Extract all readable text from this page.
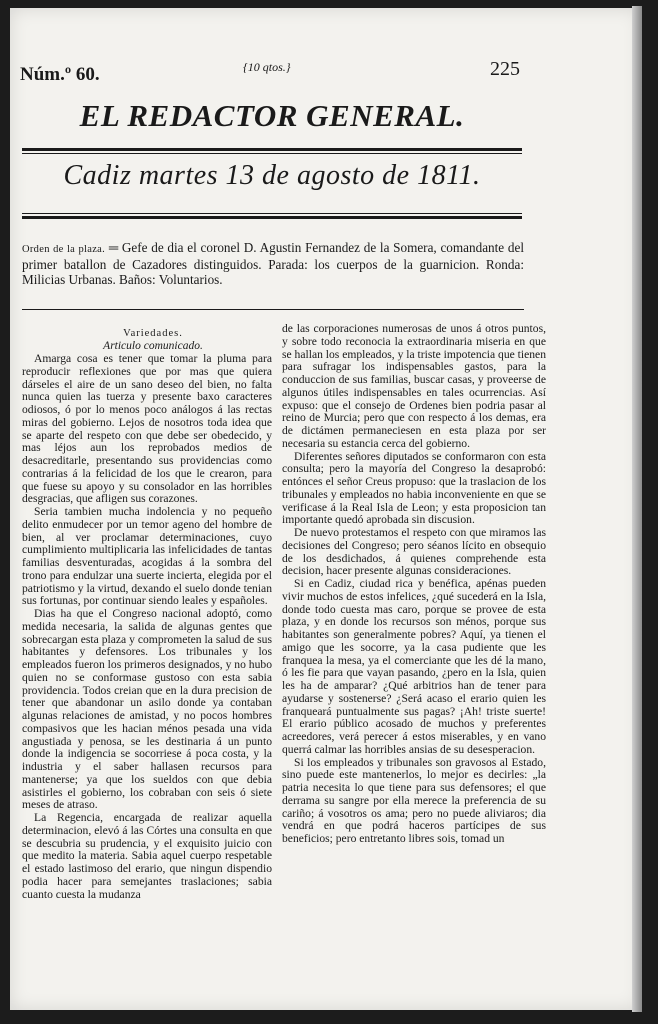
Núm.º 60.	{10 qtos.}	225
EL REDACTOR GENERAL.
Cadiz martes 13 de agosto de 1811.
Orden de la plaza. ═ Gefe de dia el coronel D. Agustin Fernandez de la Somera, comandante del primer batallon de Cazadores distinguidos. Parada: los cuerpos de la guarnicion. Ronda: Milicias Urbanas. Baños: Voluntarios.

Variedades.

Articulo comunicado.

Amarga cosa es tener que tomar la pluma para reproducir reflexiones que por mas que quiera dárseles el aire de un sano deseo del bien, no falta nunca quien las tuerza y presente baxo caracteres odiosos, ó por lo menos poco análogos á las rectas miras del gobierno. Lejos de nosotros toda idea que se aparte del respeto con que debe ser obedecido, y mas léjos aun los reprobados medios de desacreditarle, presentando sus providencias como contrarias á la felicidad de los que le crearon, para que fuese su apoyo y su consolador en las horribles desgracias, que afligen sus corazones.

Seria tambien mucha indolencia y no pequeño delito enmudecer por un temor ageno del hombre de bien, al ver proclamar determinaciones, cuyo cumplimiento multiplicaria las infelicidades de tantas familias desventuradas, acogidas á la sombra del trono para endulzar una suerte incierta, elegida por el patriotismo y la virtud, dexando el suelo donde tenian sus fortunas, por continuar siendo leales y españoles.

Dias ha que el Congreso nacional adoptó, como medida necesaria, la salida de algunas gentes que sobrecargan esta plaza y comprometen la salud de sus habitantes y defensores. Los tribunales y los empleados fueron los primeros designados, y no hubo quien no se conformase gustoso con esta sabia providencia. Todos creian que en la dura precision de tener que abandonar un asilo donde ya contaban algunas relaciones de amistad, y no pocos hombres compasivos que les hacian ménos pesada una vida angustiada y penosa, se les destinaria á un punto donde la indigencia se socorriese á poca costa, y la industria y el saber hallasen recursos para mantenerse; ya que los sueldos con que debia asistirles el gobierno, los cobraban con seis ó siete meses de atraso.

La Regencia, encargada de realizar aquella determinacion, elevó á las Córtes una consulta en que se descubria su prudencia, y el exquisito juicio con que medito la materia. Sabia aquel cuerpo respetable el estado lastimoso del erario, que ningun dispendio podia hacer para semejantes traslaciones; sabia cuanto cuesta la mudanza

de las corporaciones numerosas de unos á otros puntos, y sobre todo reconocia la extraordinaria miseria en que se hallan los empleados, y la triste impotencia que tienen para sufragar los indispensables gastos, para la conduccion de sus familias, buscar casas, y proveerse de algunos útiles indispensables en tales ocurrencias. Así expuso: que el consejo de Ordenes bien podria pasar al reino de Murcia; pero que con respecto á los demas, era de dictámen permaneciesen en esta plaza por ser necesaria su estancia cerca del gobierno.

Diferentes señores diputados se conformaron con esta consulta; pero la mayoría del Congreso la desaprobó: entónces el señor Creus propuso: que la traslacion de los tribunales y empleados no habia inconveniente en que se verificase á la Real Isla de Leon; y esta proposicion tan importante quedó aprobada sin discusion.

De nuevo protestamos el respeto con que miramos las decisiones del Congreso; pero séanos lícito en obsequio de los desdichados, á quienes comprehende esta decision, hacer presente algunas consideraciones.

Si en Cadiz, ciudad rica y benéfica, apénas pueden vivir muchos de estos infelices, ¿qué sucederá en la Isla, donde todo cuesta mas caro, porque se provee de esta plaza, y en donde los recursos son ménos, porque sus habitantes son generalmente pobres? Aquí, ya tienen el amigo que les socorre, ya la casa pudiente que les franquea la mesa, ya el comerciante que les dé la mano, ó les fie para que vayan pasando, ¿pero en la Isla, quien les ha de amparar? ¿Qué arbitrios han de tener para ayudarse y sostenerse? ¿Será acaso el erario quien les franqueará puntualmente sus pagas? ¡Ah! triste suerte! El erario público acosado de muchos y preferentes acreedores, verá perecer á estos miserables, y en vano querrá calmar las horribles ansias de su desesperacion.

Si los empleados y tribunales son gravosos al Estado, sino puede este mantenerlos, lo mejor es decirles: „la patria necesita lo que tiene para sus defensores; el que derrama su sangre por ella merece la preferencia de su cariño; á vosotros os ama; pero no puede aliviaros; dia vendrá en que podrá haceros partícipes de sus beneficios; pero entretanto libres sois, tomad un
